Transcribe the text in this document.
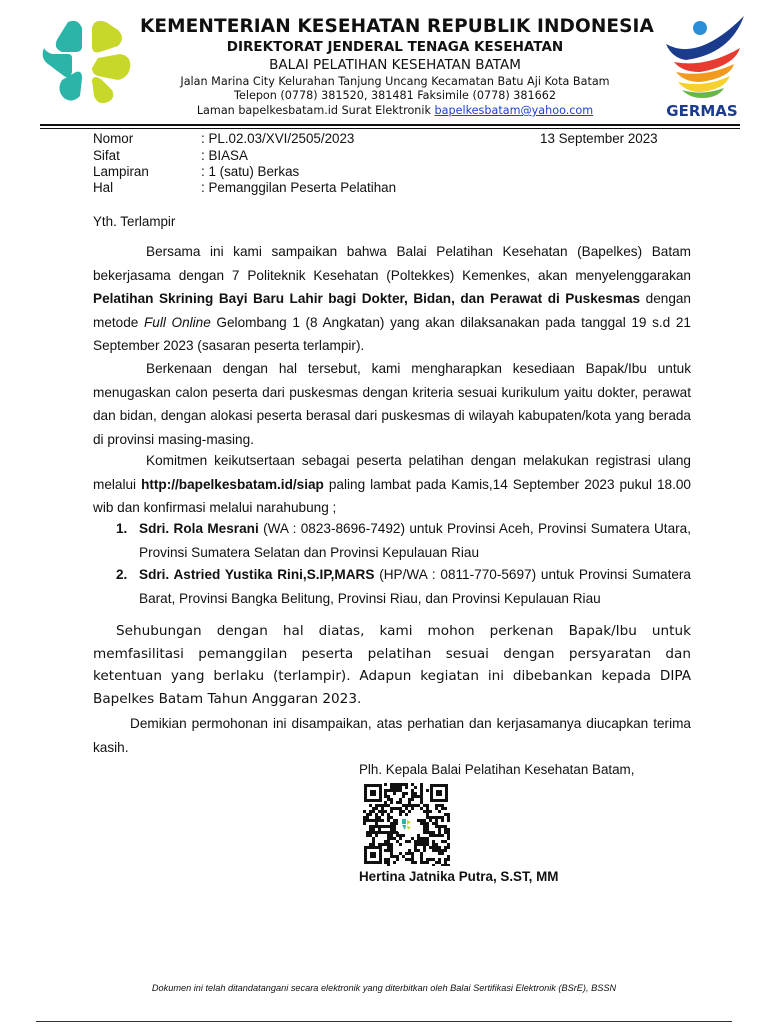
KEMENTERIAN KESEHATAN REPUBLIK INDONESIA
DIREKTORAT JENDERAL TENAGA KESEHATAN
BALAI PELATIHAN KESEHATAN BATAM
Jalan Marina City Kelurahan Tanjung Uncang Kecamatan Batu Aji Kota Batam
Telepon (0778) 381520, 381481 Faksimile (0778) 381662
Laman bapelkesbatam.id Surat Elektronik bapelkesbatam@yahoo.com	GERMAS
Nomor	: PL.02.03/XVI/2505/2023	13 September 2023
Sifat	: BIASA
Lampiran	: 1 (satu) Berkas
Hal	: Pemanggilan Peserta Pelatihan
Yth. Terlampir
Bersama ini kami sampaikan bahwa Balai Pelatihan Kesehatan (Bapelkes) Batam bekerjasama dengan 7 Politeknik Kesehatan (Poltekkes) Kemenkes, akan menyelenggarakan Pelatihan Skrining Bayi Baru Lahir bagi Dokter, Bidan, dan Perawat di Puskesmas dengan metode Full Online Gelombang 1 (8 Angkatan) yang akan dilaksanakan pada tanggal 19 s.d 21 September 2023 (sasaran peserta terlampir).
Berkenaan dengan hal tersebut, kami mengharapkan kesediaan Bapak/Ibu untuk menugaskan calon peserta dari puskesmas dengan kriteria sesuai kurikulum yaitu dokter, perawat dan bidan, dengan alokasi peserta berasal dari puskesmas di wilayah kabupaten/kota yang berada di provinsi masing-masing.
Komitmen keikutsertaan sebagai peserta pelatihan dengan melakukan registrasi ulang melalui http://bapelkesbatam.id/siap paling lambat pada Kamis,14 September 2023 pukul 18.00 wib dan konfirmasi melalui narahubung ;
1. Sdri. Rola Mesrani (WA : 0823-8696-7492) untuk Provinsi Aceh, Provinsi Sumatera Utara, Provinsi Sumatera Selatan dan Provinsi Kepulauan Riau
2. Sdri. Astried Yustika Rini,S.IP,MARS (HP/WA : 0811-770-5697) untuk Provinsi Sumatera Barat, Provinsi Bangka Belitung, Provinsi Riau, dan Provinsi Kepulauan Riau
Sehubungan dengan hal diatas, kami mohon perkenan Bapak/Ibu untuk memfasilitasi pemanggilan peserta pelatihan sesuai dengan persyaratan dan ketentuan yang berlaku (terlampir). Adapun kegiatan ini dibebankan kepada DIPA Bapelkes Batam Tahun Anggaran 2023.
Demikian permohonan ini disampaikan, atas perhatian dan kerjasamanya diucapkan terima kasih.
Plh. Kepala Balai Pelatihan Kesehatan Batam,
Hertina Jatnika Putra, S.ST, MM
Dokumen ini telah ditandatangani secara elektronik yang diterbitkan oleh Balai Sertifikasi Elektronik (BSrE), BSSN
